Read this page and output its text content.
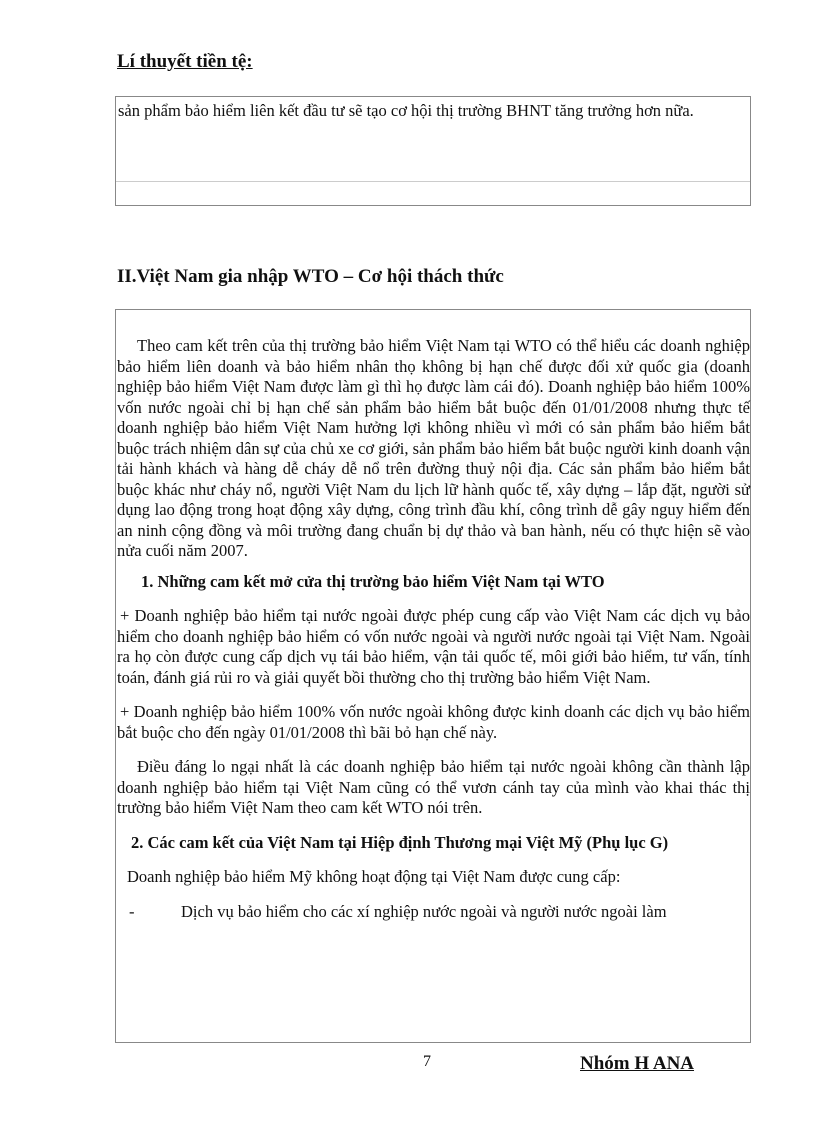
Lí thuyết tiền tệ:
sản phẩm bảo hiểm liên kết đầu tư sẽ tạo cơ hội thị trường BHNT tăng trưởng hơn nữa.
II.Việt Nam gia nhập WTO – Cơ hội thách thức

Theo cam kết trên của thị trường bảo hiểm Việt Nam tại WTO có thể hiểu các doanh nghiệp bảo hiểm liên doanh và bảo hiểm nhân thọ không bị hạn chế được đối xử quốc gia (doanh nghiệp bảo hiểm Việt Nam được làm gì thì họ được làm cái đó). Doanh nghiệp bảo hiểm 100% vốn nước ngoài chỉ bị hạn chế sản phẩm bảo hiểm bắt buộc đến 01/01/2008 nhưng thực tế doanh nghiệp bảo hiểm Việt Nam hưởng lợi không nhiều vì mới có sản phẩm bảo hiểm bắt buộc trách nhiệm dân sự của chủ xe cơ giới, sản phẩm bảo hiểm bắt buộc người kinh doanh vận tải hành khách và hàng dễ cháy dễ nổ trên đường thuỷ nội địa. Các sản phẩm bảo hiểm bắt buộc khác như cháy nổ, người Việt Nam du lịch lữ hành quốc tế, xây dựng – lắp đặt, người sử dụng lao động trong hoạt động xây dựng, công trình đầu khí, công trình dễ gây nguy hiểm đến an ninh cộng đồng và môi trường đang chuẩn bị dự thảo và ban hành, nếu có thực hiện sẽ vào nửa cuối năm 2007.

1. Những cam kết mở cửa thị trường bảo hiểm Việt Nam tại WTO

+ Doanh nghiệp bảo hiểm tại nước ngoài được phép cung cấp vào Việt Nam các dịch vụ bảo hiểm cho doanh nghiệp bảo hiểm có vốn nước ngoài và người nước ngoài tại Việt Nam. Ngoài ra họ còn được cung cấp dịch vụ tái bảo hiểm, vận tải quốc tế, môi giới bảo hiểm, tư vấn, tính toán, đánh giá rủi ro và giải quyết bồi thường cho thị trường bảo hiểm Việt Nam.

+ Doanh nghiệp bảo hiểm 100% vốn nước ngoài không được kinh doanh các dịch vụ bảo hiểm bắt buộc cho đến ngày 01/01/2008 thì bãi bỏ hạn chế này.

Điều đáng lo ngại nhất là các doanh nghiệp bảo hiểm tại nước ngoài không cần thành lập doanh nghiệp bảo hiểm tại Việt Nam cũng có thể vươn cánh tay của mình vào khai thác thị trường bảo hiểm Việt Nam theo cam kết WTO nói trên.

2. Các cam kết của Việt Nam tại Hiệp định Thương mại Việt Mỹ (Phụ lục G)

Doanh nghiệp bảo hiểm Mỹ không hoạt động tại Việt Nam được cung cấp:

-	Dịch vụ bảo hiểm cho các xí nghiệp nước ngoài và người nước ngoài làm
7	Nhóm H ANA
